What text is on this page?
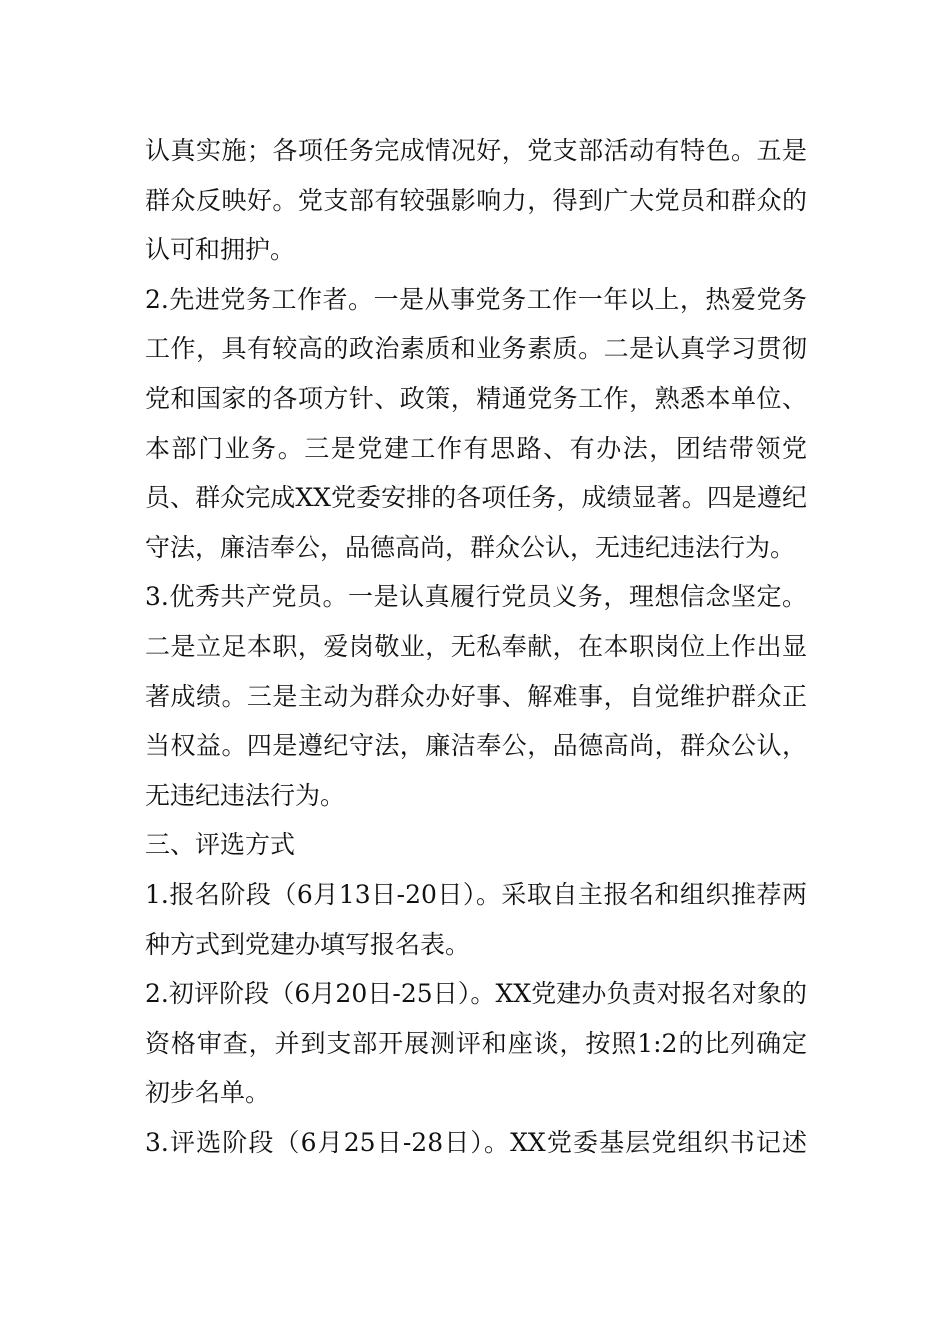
认真实施；各项任务完成情况好，党支部活动有特色。五是群众反映好。党支部有较强影响力，得到广大党员和群众的认可和拥护。

2.先进党务工作者。一是从事党务工作一年以上，热爱党务工作，具有较高的政治素质和业务素质。二是认真学习贯彻党和国家的各项方针、政策，精通党务工作，熟悉本单位、本部门业务。三是党建工作有思路、有办法，团结带领党员、群众完成XX党委安排的各项任务，成绩显著。四是遵纪守法，廉洁奉公，品德高尚，群众公认，无违纪违法行为。

3.优秀共产党员。一是认真履行党员义务，理想信念坚定。二是立足本职，爱岗敬业，无私奉献，在本职岗位上作出显著成绩。三是主动为群众办好事、解难事，自觉维护群众正当权益。四是遵纪守法，廉洁奉公，品德高尚，群众公认，无违纪违法行为。

三、评选方式

1.报名阶段（6月13日-20日）。采取自主报名和组织推荐两种方式到党建办填写报名表。

2.初评阶段（6月20日-25日）。XX党建办负责对报名对象的资格审查，并到支部开展测评和座谈，按照1:2的比列确定初步名单。

3.评选阶段（6月25日-28日）。XX党委基层党组织书记述
